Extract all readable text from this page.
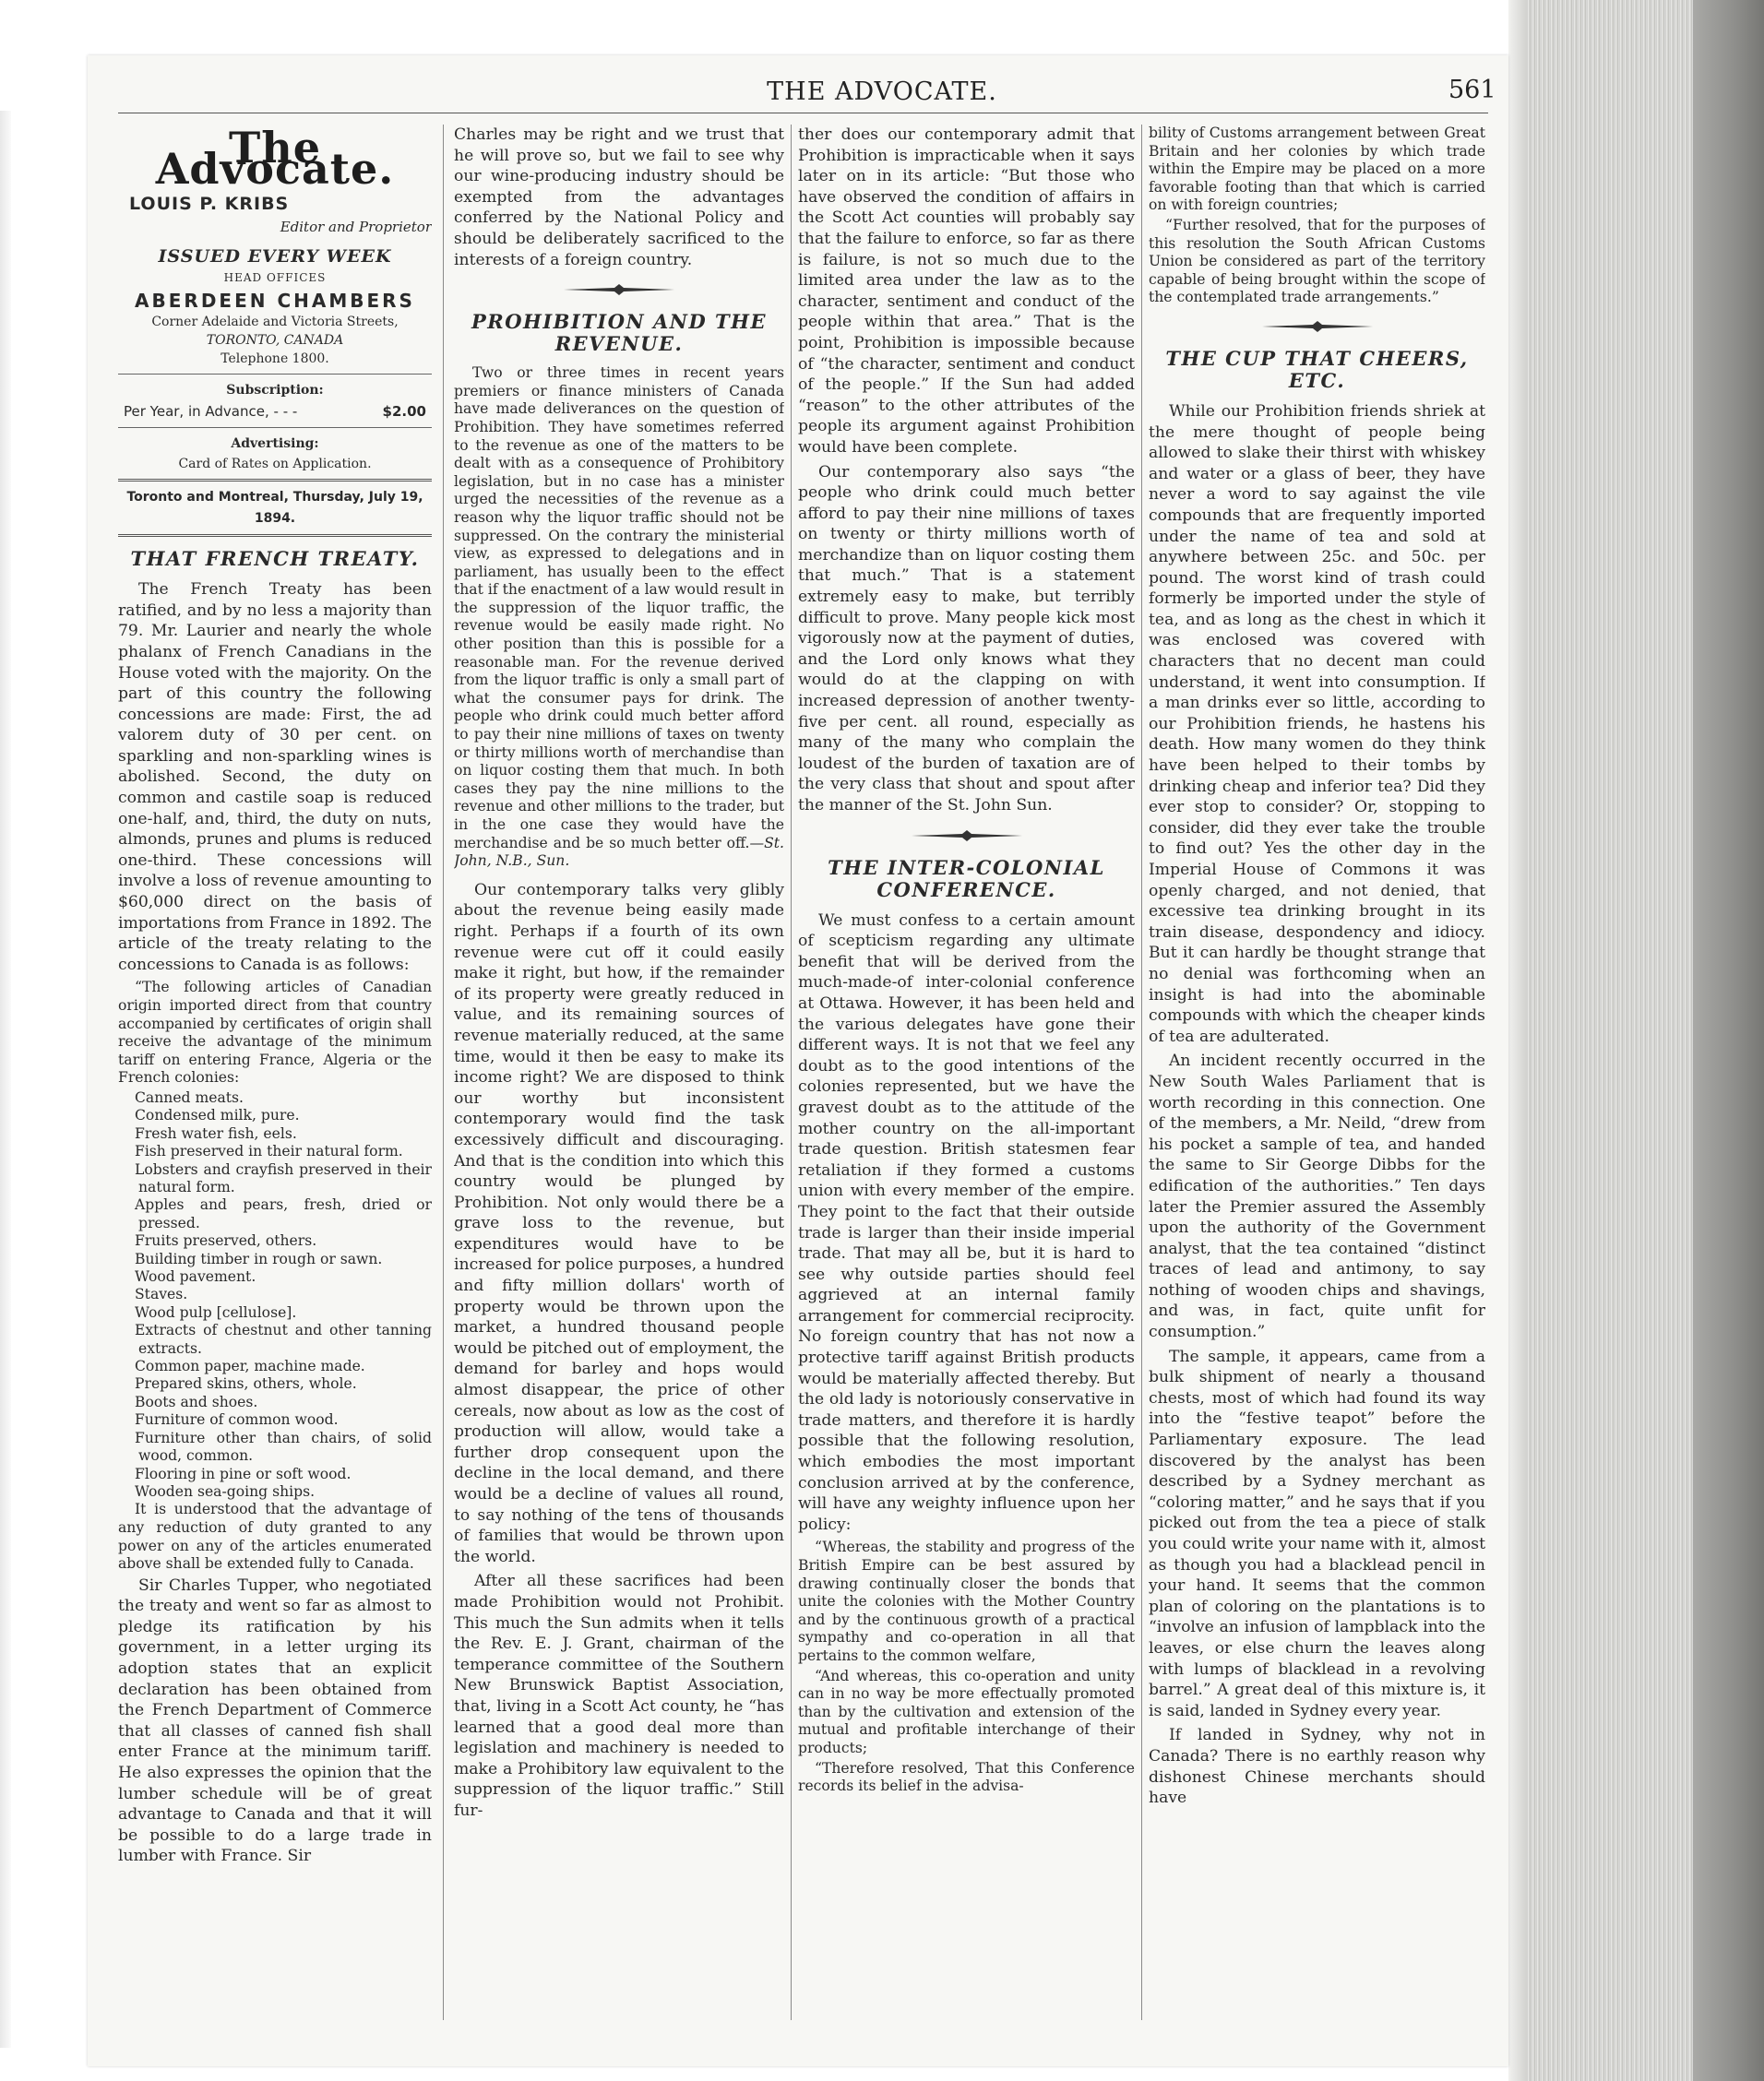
THE ADVOCATE.	561
The Advocate.
LOUIS P. KRIBS
Editor and Proprietor
ISSUED EVERY WEEK
HEAD OFFICES
ABERDEEN CHAMBERS
Corner Adelaide and Victoria Streets,
TORONTO, CANADA
Telephone 1800.
Subscription:
Per Year, in Advance, - - -	$2.00
Advertising:
Card of Rates on Application.
Toronto and Montreal, Thursday, July 19, 1894.
THAT FRENCH TREATY.

The French Treaty has been ratified, and by no less a majority than 79. Mr. Laurier and nearly the whole phalanx of French Canadians in the House voted with the majority. On the part of this country the following concessions are made: First, the ad valorem duty of 30 per cent. on sparkling and non-sparkling wines is abolished. Second, the duty on common and castile soap is reduced one-half, and, third, the duty on nuts, almonds, prunes and plums is reduced one-third. These concessions will involve a loss of revenue amounting to $60,000 direct on the basis of importations from France in 1892. The article of the treaty relating to the concessions to Canada is as follows:

“The following articles of Canadian origin imported direct from that country accompanied by certificates of origin shall receive the advantage of the minimum tariff on entering France, Algeria or the French colonies:

Canned meats.
Condensed milk, pure.
Fresh water fish, eels.
Fish preserved in their natural form.
Lobsters and crayfish preserved in their natural form.
Apples and pears, fresh, dried or pressed.
Fruits preserved, others.
Building timber in rough or sawn.
Wood pavement.
Staves.
Wood pulp [cellulose].
Extracts of chestnut and other tanning extracts.
Common paper, machine made.
Prepared skins, others, whole.
Boots and shoes.
Furniture of common wood.
Furniture other than chairs, of solid wood, common.
Flooring in pine or soft wood.
Wooden sea-going ships.

It is understood that the advantage of any reduction of duty granted to any power on any of the articles enumerated above shall be extended fully to Canada.

Sir Charles Tupper, who negotiated the treaty and went so far as almost to pledge its ratification by his government, in a letter urging its adoption states that an explicit declaration has been obtained from the French Department of Commerce that all classes of canned fish shall enter France at the minimum tariff. He also expresses the opinion that the lumber schedule will be of great advantage to Canada and that it will be possible to do a large trade in lumber with France. Sir

Charles may be right and we trust that he will prove so, but we fail to see why our wine-producing industry should be exempted from the advantages conferred by the National Policy and should be deliberately sacrificed to the interests of a foreign country.

PROHIBITION AND THE REVENUE.

Two or three times in recent years premiers or finance ministers of Canada have made deliverances on the question of Prohibition. They have sometimes referred to the revenue as one of the matters to be dealt with as a consequence of Prohibitory legislation, but in no case has a minister urged the necessities of the revenue as a reason why the liquor traffic should not be suppressed. On the contrary the ministerial view, as expressed to delegations and in parliament, has usually been to the effect that if the enactment of a law would result in the suppression of the liquor traffic, the revenue would be easily made right. No other position than this is possible for a reasonable man. For the revenue derived from the liquor traffic is only a small part of what the consumer pays for drink. The people who drink could much better afford to pay their nine millions of taxes on twenty or thirty millions worth of merchandise than on liquor costing them that much. In both cases they pay the nine millions to the revenue and other millions to the trader, but in the one case they would have the merchandise and be so much better off.—St. John, N.B., Sun.

Our contemporary talks very glibly about the revenue being easily made right. Perhaps if a fourth of its own revenue were cut off it could easily make it right, but how, if the remainder of its property were greatly reduced in value, and its remaining sources of revenue materially reduced, at the same time, would it then be easy to make its income right? We are disposed to think our worthy but inconsistent contemporary would find the task excessively difficult and discouraging. And that is the condition into which this country would be plunged by Prohibition. Not only would there be a grave loss to the revenue, but expenditures would have to be increased for police purposes, a hundred and fifty million dollars' worth of property would be thrown upon the market, a hundred thousand people would be pitched out of employment, the demand for barley and hops would almost disappear, the price of other cereals, now about as low as the cost of production will allow, would take a further drop consequent upon the decline in the local demand, and there would be a decline of values all round, to say nothing of the tens of thousands of families that would be thrown upon the world.

After all these sacrifices had been made Prohibition would not Prohibit. This much the Sun admits when it tells the Rev. E. J. Grant, chairman of the temperance committee of the Southern New Brunswick Baptist Association, that, living in a Scott Act county, he “has learned that a good deal more than legislation and machinery is needed to make a Prohibitory law equivalent to the suppression of the liquor traffic.” Still fur-

ther does our contemporary admit that Prohibition is impracticable when it says later on in its article: “But those who have observed the condition of affairs in the Scott Act counties will probably say that the failure to enforce, so far as there is failure, is not so much due to the limited area under the law as to the character, sentiment and conduct of the people within that area.” That is the point, Prohibition is impossible because of “the character, sentiment and conduct of the people.” If the Sun had added “reason” to the other attributes of the people its argument against Prohibition would have been complete.

Our contemporary also says “the people who drink could much better afford to pay their nine millions of taxes on twenty or thirty millions worth of merchandize than on liquor costing them that much.” That is a statement extremely easy to make, but terribly difficult to prove. Many people kick most vigorously now at the payment of duties, and the Lord only knows what they would do at the clapping on with increased depression of another twenty-five per cent. all round, especially as many of the many who complain the loudest of the burden of taxation are of the very class that shout and spout after the manner of the St. John Sun.

THE INTER-COLONIAL CONFERENCE.

We must confess to a certain amount of scepticism regarding any ultimate benefit that will be derived from the much-made-of inter-colonial conference at Ottawa. However, it has been held and the various delegates have gone their different ways. It is not that we feel any doubt as to the good intentions of the colonies represented, but we have the gravest doubt as to the attitude of the mother country on the all-important trade question. British statesmen fear retaliation if they formed a customs union with every member of the empire. They point to the fact that their outside trade is larger than their inside imperial trade. That may all be, but it is hard to see why outside parties should feel aggrieved at an internal family arrangement for commercial reciprocity. No foreign country that has not now a protective tariff against British products would be materially affected thereby. But the old lady is notoriously conservative in trade matters, and therefore it is hardly possible that the following resolution, which embodies the most important conclusion arrived at by the conference, will have any weighty influence upon her policy:

“Whereas, the stability and progress of the British Empire can be best assured by drawing continually closer the bonds that unite the colonies with the Mother Country and by the continuous growth of a practical sympathy and co-operation in all that pertains to the common welfare,

“And whereas, this co-operation and unity can in no way be more effectually promoted than by the cultivation and extension of the mutual and profitable interchange of their products;

“Therefore resolved, That this Conference records its belief in the advisa-

bility of Customs arrangement between Great Britain and her colonies by which trade within the Empire may be placed on a more favorable footing than that which is carried on with foreign countries;

“Further resolved, that for the purposes of this resolution the South African Customs Union be considered as part of the territory capable of being brought within the scope of the contemplated trade arrangements.”

THE CUP THAT CHEERS, ETC.

While our Prohibition friends shriek at the mere thought of people being allowed to slake their thirst with whiskey and water or a glass of beer, they have never a word to say against the vile compounds that are frequently imported under the name of tea and sold at anywhere between 25c. and 50c. per pound. The worst kind of trash could formerly be imported under the style of tea, and as long as the chest in which it was enclosed was covered with characters that no decent man could understand, it went into consumption. If a man drinks ever so little, according to our Prohibition friends, he hastens his death. How many women do they think have been helped to their tombs by drinking cheap and inferior tea? Did they ever stop to consider? Or, stopping to consider, did they ever take the trouble to find out? Yes the other day in the Imperial House of Commons it was openly charged, and not denied, that excessive tea drinking brought in its train disease, despondency and idiocy. But it can hardly be thought strange that no denial was forthcoming when an insight is had into the abominable compounds with which the cheaper kinds of tea are adulterated.

An incident recently occurred in the New South Wales Parliament that is worth recording in this connection. One of the members, a Mr. Neild, “drew from his pocket a sample of tea, and handed the same to Sir George Dibbs for the edification of the authorities.” Ten days later the Premier assured the Assembly upon the authority of the Government analyst, that the tea contained “distinct traces of lead and antimony, to say nothing of wooden chips and shavings, and was, in fact, quite unfit for consumption.”

The sample, it appears, came from a bulk shipment of nearly a thousand chests, most of which had found its way into the “festive teapot” before the Parliamentary exposure. The lead discovered by the analyst has been described by a Sydney merchant as “coloring matter,” and he says that if you picked out from the tea a piece of stalk you could write your name with it, almost as though you had a blacklead pencil in your hand. It seems that the common plan of coloring on the plantations is to “involve an infusion of lampblack into the leaves, or else churn the leaves along with lumps of blacklead in a revolving barrel.” A great deal of this mixture is, it is said, landed in Sydney every year.

If landed in Sydney, why not in Canada? There is no earthly reason why dishonest Chinese merchants should have
